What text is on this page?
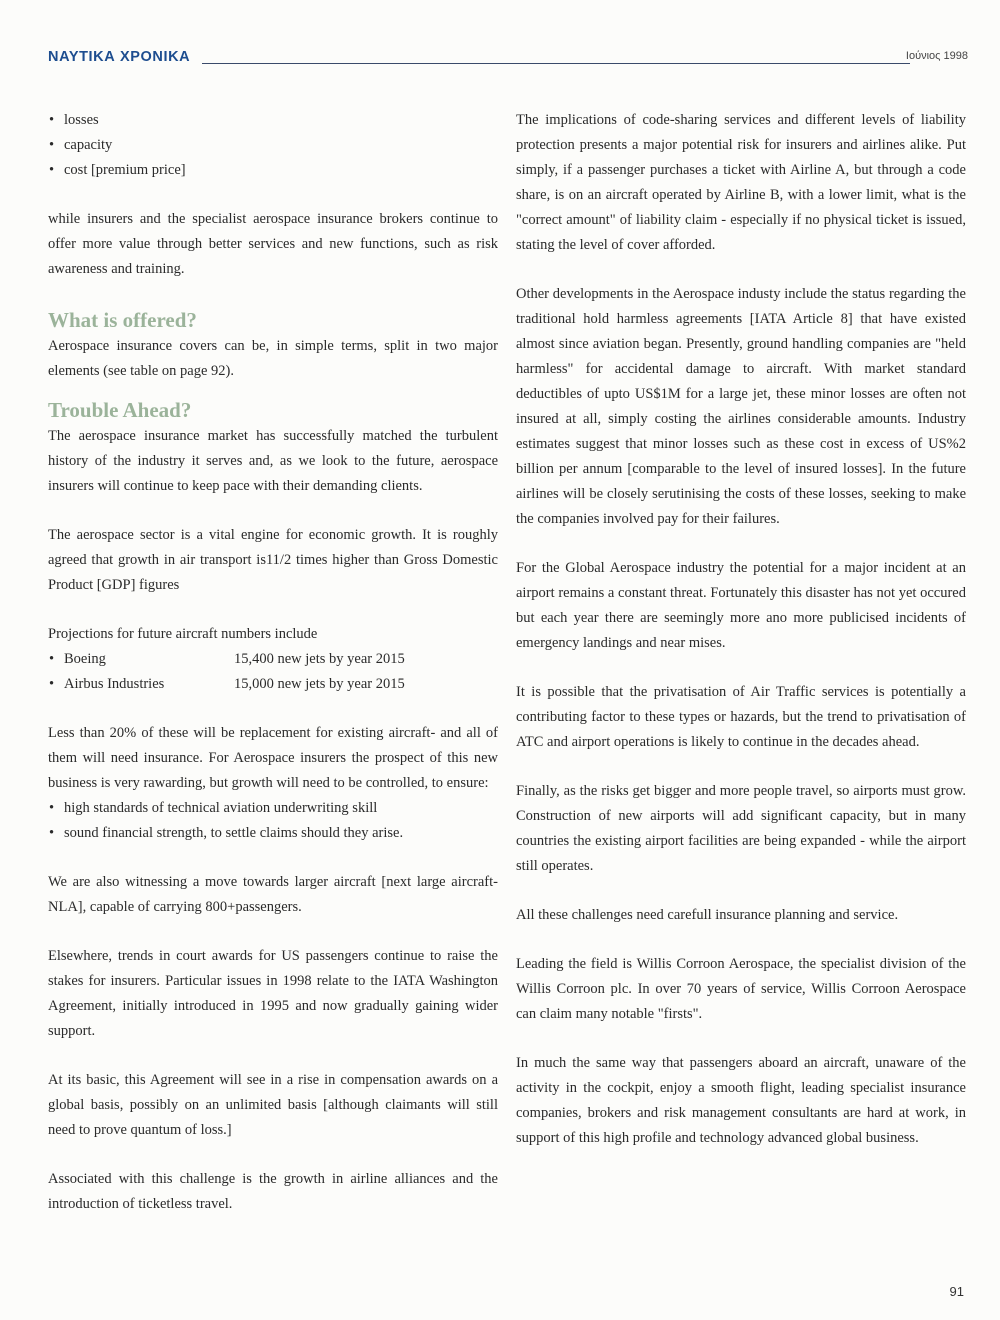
ΝΑΥΤΙΚΑ ΧΡΟΝΙΚΑ	Ιούνιος 1998
• losses
• capacity
• cost [premium price]

while insurers and the specialist aerospace insurance brokers continue to offer more value through better services and new functions, such as risk awareness and training.

What is offered?

Aerospace insurance covers can be, in simple terms, split in two major elements (see table on page 92).

Trouble Ahead?

The aerospace insurance market has successfully matched the turbulent history of the industry it serves and, as we look to the future, aerospace insurers will continue to keep pace with their demanding clients.

The aerospace sector is a vital engine for economic growth. It is roughly agreed that growth in air transport is11/2 times higher than Gross Domestic Product [GDP] figures

Projections for future aircraft numbers include

• Boeing	15,400 new jets by year 2015
• Airbus Industries	15,000 new jets by year 2015

Less than 20% of these will be replacement for existing aircraft- and all of them will need insurance. For Aerospace insurers the prospect of this new business is very rawarding, but growth will need to be controlled, to ensure:

• high standards of technical aviation underwriting skill
• sound financial strength, to settle claims should they arise.

We are also witnessing a move towards larger aircraft [next large aircraft- NLA], capable of carrying 800+passengers.

Elsewhere, trends in court awards for US passengers continue to raise the stakes for insurers. Particular issues in 1998 relate to the IATA Washington Agreement, initially introduced in 1995 and now gradually gaining wider support.

At its basic, this Agreement will see in a rise in compensation awards on a global basis, possibly on an unlimited basis [although claimants will still need to prove quantum of loss.]

Associated with this challenge is the growth in airline alliances and the introduction of ticketless travel.

The implications of code-sharing services and different levels of liability protection presents a major potential risk for insurers and airlines alike. Put simply, if a passenger purchases a ticket with Airline A, but through a code share, is on an aircraft operated by Airline B, with a lower limit, what is the "correct amount" of liability claim - especially if no physical ticket is issued, stating the level of cover afforded.

Other developments in the Aerospace industy include the status regarding the traditional hold harmless agreements [IATA Article 8] that have existed almost since aviation began. Presently, ground handling companies are "held harmless" for accidental damage to aircraft. With market standard deductibles of upto US$1M for a large jet, these minor losses are often not insured at all, simply costing the airlines considerable amounts. Industry estimates suggest that minor losses such as these cost in excess of US%2 billion per annum [comparable to the level of insured losses]. In the future airlines will be closely serutinising the costs of these losses, seeking to make the companies involved pay for their failures.

For the Global Aerospace industry the potential for a major incident at an airport remains a constant threat. Fortunately this disaster has not yet occured but each year there are seemingly more ano more publicised incidents of emergency landings and near mises.

It is possible that the privatisation of Air Traffic services is potentially a contributing factor to these types or hazards, but the trend to privatisation of ATC and airport operations is likely to continue in the decades ahead.

Finally, as the risks get bigger and more people travel, so airports must grow. Construction of new airports will add significant capacity, but in many countries the existing airport facilities are being expanded - while the airport still operates.

All these challenges need carefull insurance planning and service.

Leading the field is Willis Corroon Aerospace, the specialist division of the Willis Corroon plc. In over 70 years of service, Willis Corroon Aerospace can claim many notable "firsts".

In much the same way that passengers aboard an aircraft, unaware of the activity in the cockpit, enjoy a smooth flight, leading specialist insurance companies, brokers and risk management consultants are hard at work, in support of this high profile and technology advanced global business.

91
